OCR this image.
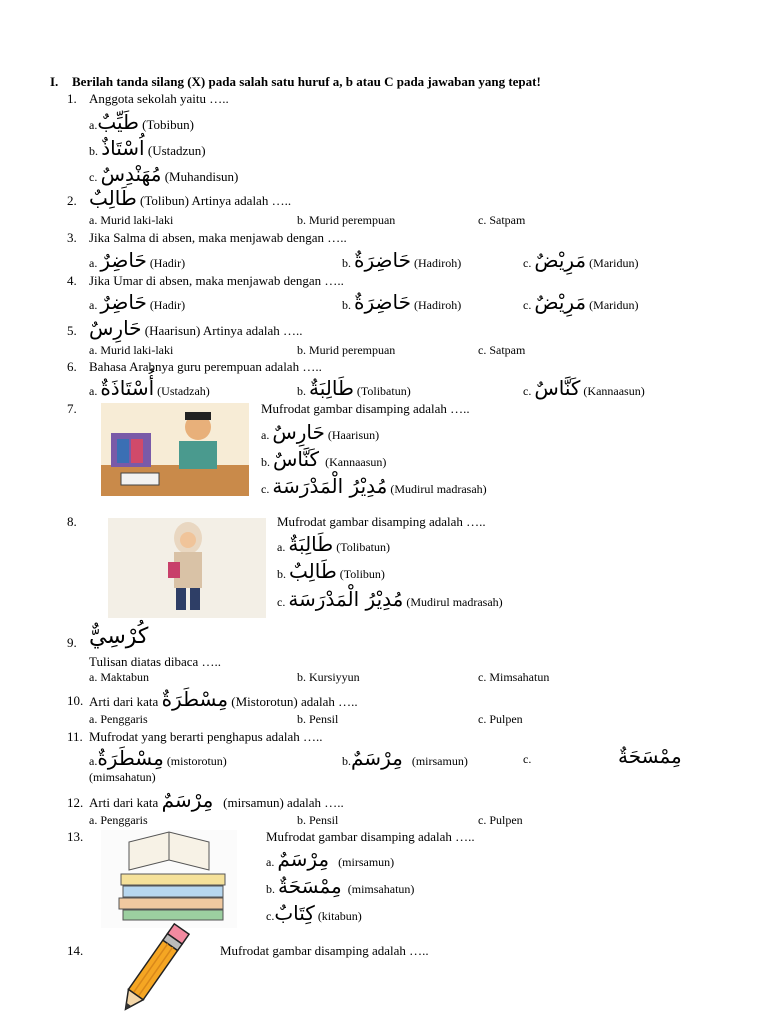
I. Berilah tanda silang (X) pada salah satu huruf a, b atau C pada jawaban yang tepat!
1. Anggota sekolah yaitu …..
a.طَيِّبٌ (Tobibun)
b. اُسْتَاذٌ (Ustadzun)
c. مُهَنْدِسٌ (Muhandisun)
2. طَالِبٌ (Tolibun) Artinya adalah …..
a. Murid laki-laki	b. Murid perempuan	c. Satpam
3. Jika Salma di absen, maka menjawab dengan …..
a. حَاضِرٌ (Hadir)	b. حَاضِرَةٌ (Hadiroh)	c. مَرِيْضٌ (Maridun)
4. Jika Umar di absen, maka menjawab dengan …..
a. حَاضِرٌ (Hadir)	b. حَاضِرَةٌ (Hadiroh)	c. مَرِيْضٌ (Maridun)
5. حَارِسٌ (Haarisun) Artinya adalah …..
a. Murid laki-laki	b. Murid perempuan	c. Satpam
6. Bahasa Arabnya guru perempuan adalah …..
a. أُسْتَاذَةٌ (Ustadzah)	b. طَالِبَةٌ (Tolibatun)	c. كَنَّاسٌ (Kannaasun)
7.	Mufrodat gambar disamping adalah …..
a. حَارِسٌ (Haarisun)
b. كَنَّاسٌ (Kannaasun)
c. مُدِيْرُ الْمَدْرَسَة (Mudirul madrasah)
8.	Mufrodat gambar disamping adalah …..
a. طَالِبَةٌ (Tolibatun)
b. طَالِبٌ (Tolibun)
c. مُدِيْرُ الْمَدْرَسَة (Mudirul madrasah)
9. كُرْسِيٌّ
Tulisan diatas dibaca …..
a. Maktabun	b. Kursiyyun	c. Mimsahatun
10. Arti dari kata مِسْطَرَةٌ (Mistorotun) adalah …..
a. Penggaris	b. Pensil	c. Pulpen
11. Mufrodat yang berarti penghapus adalah …..
a.مِسْطَرَةٌ (mistorotun)	b.مِرْسَمٌ (mirsamun)	c.	مِمْسَحَةٌ
(mimsahatun)
12. Arti dari kata مِرْسَمٌ (mirsamun) adalah …..
a. Penggaris	b. Pensil	c. Pulpen
13.	Mufrodat gambar disamping adalah …..
a. مِرْسَمٌ (mirsamun)
b. مِمْسَحَةٌ (mimsahatun)
c.كِتَابٌ (kitabun)
14.	Mufrodat gambar disamping adalah …..
